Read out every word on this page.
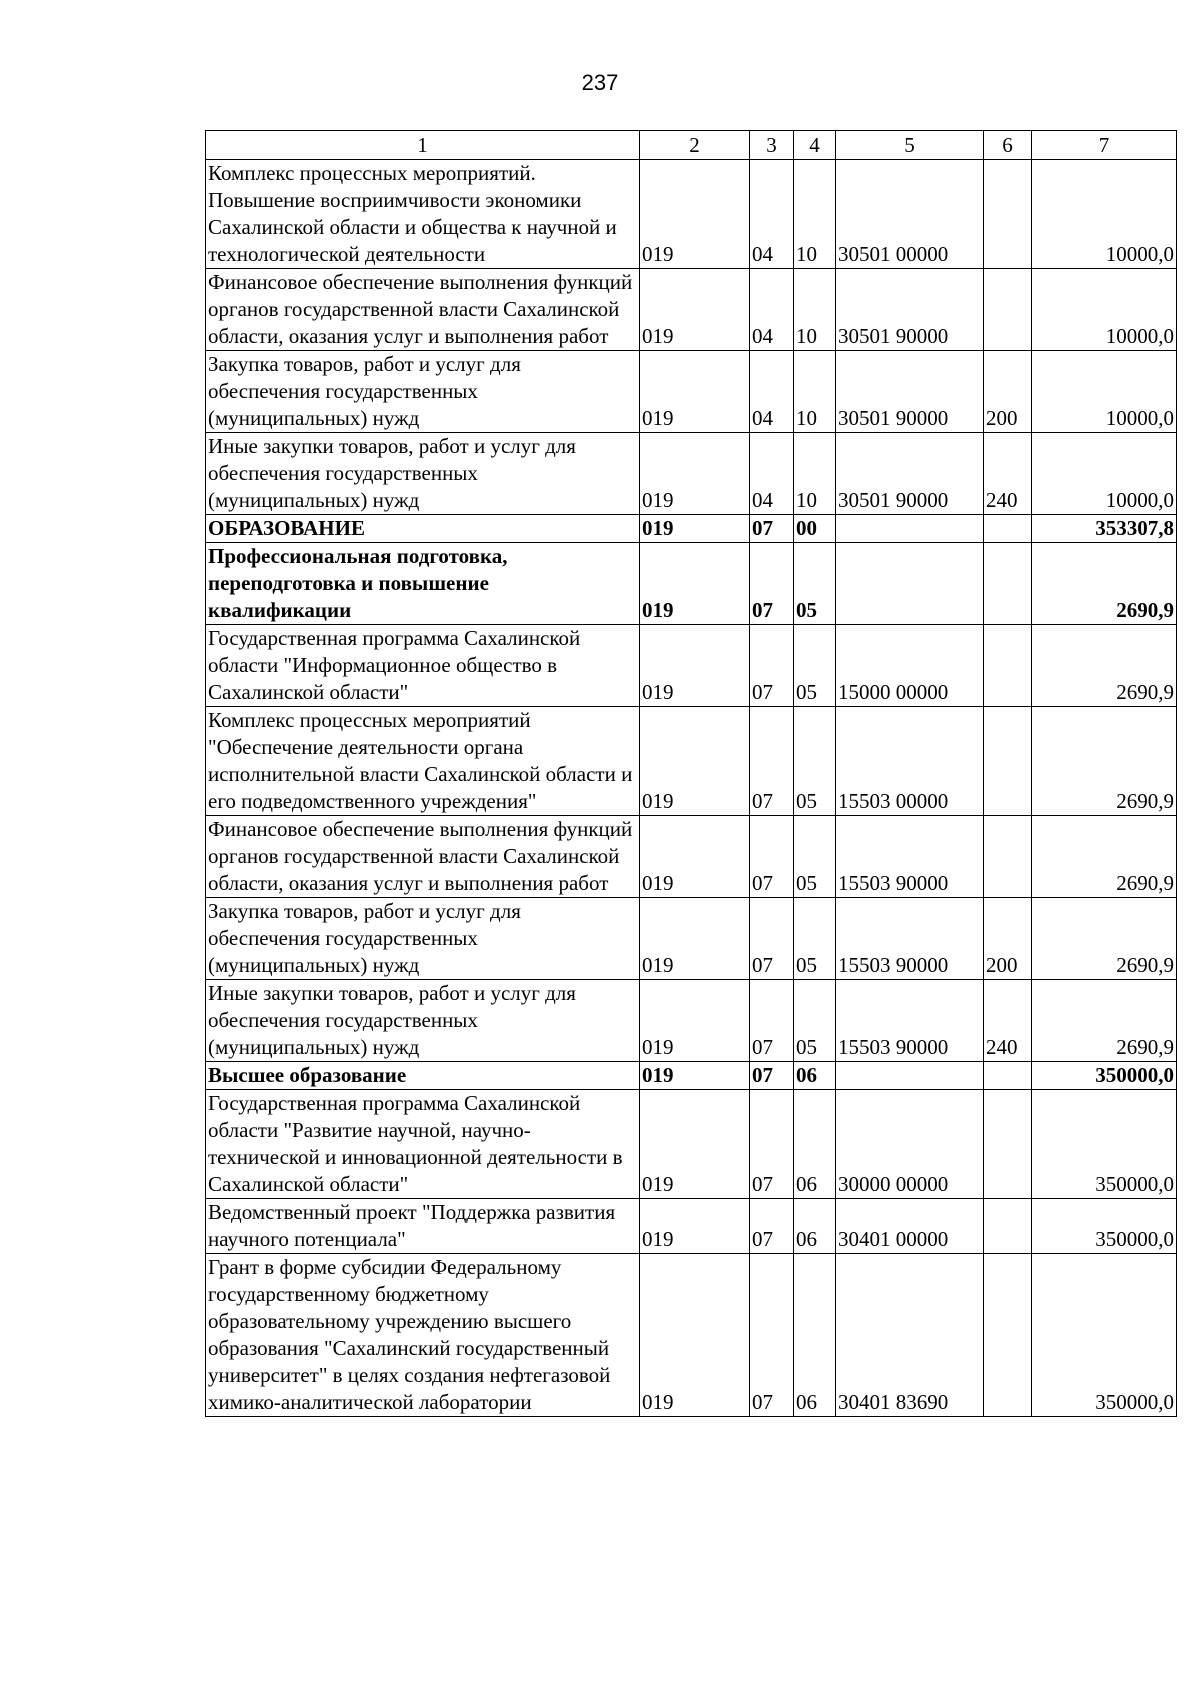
237
1	2	3	4	5	6	7
Комплекс процессных мероприятий. Повышение восприимчивости экономики Сахалинской области и общества к научной и технологической деятельности	019	04	10	30501 00000		10000,0
Финансовое обеспечение выполнения функций органов государственной власти Сахалинской области, оказания услуг и выполнения работ	019	04	10	30501 90000		10000,0
Закупка товаров, работ и услуг для обеспечения государственных (муниципальных) нужд	019	04	10	30501 90000	200	10000,0
Иные закупки товаров, работ и услуг для обеспечения государственных (муниципальных) нужд	019	04	10	30501 90000	240	10000,0
ОБРАЗОВАНИЕ	019	07	00			353307,8
Профессиональная подготовка, переподготовка и повышение квалификации	019	07	05			2690,9
Государственная программа Сахалинской области "Информационное общество в Сахалинской области"	019	07	05	15000 00000		2690,9
Комплекс процессных мероприятий "Обеспечение деятельности органа исполнительной власти Сахалинской области и его подведомственного учреждения"	019	07	05	15503 00000		2690,9
Финансовое обеспечение выполнения функций органов государственной власти Сахалинской области, оказания услуг и выполнения работ	019	07	05	15503 90000		2690,9
Закупка товаров, работ и услуг для обеспечения государственных (муниципальных) нужд	019	07	05	15503 90000	200	2690,9
Иные закупки товаров, работ и услуг для обеспечения государственных (муниципальных) нужд	019	07	05	15503 90000	240	2690,9
Высшее образование	019	07	06			350000,0
Государственная программа Сахалинской области "Развитие научной, научно-технической и инновационной деятельности в Сахалинской области"	019	07	06	30000 00000		350000,0
Ведомственный проект "Поддержка развития научного потенциала"	019	07	06	30401 00000		350000,0
Грант в форме субсидии Федеральному государственному бюджетному образовательному учреждению высшего образования "Сахалинский государственный университет" в целях создания нефтегазовой химико-аналитической лаборатории	019	07	06	30401 83690		350000,0
